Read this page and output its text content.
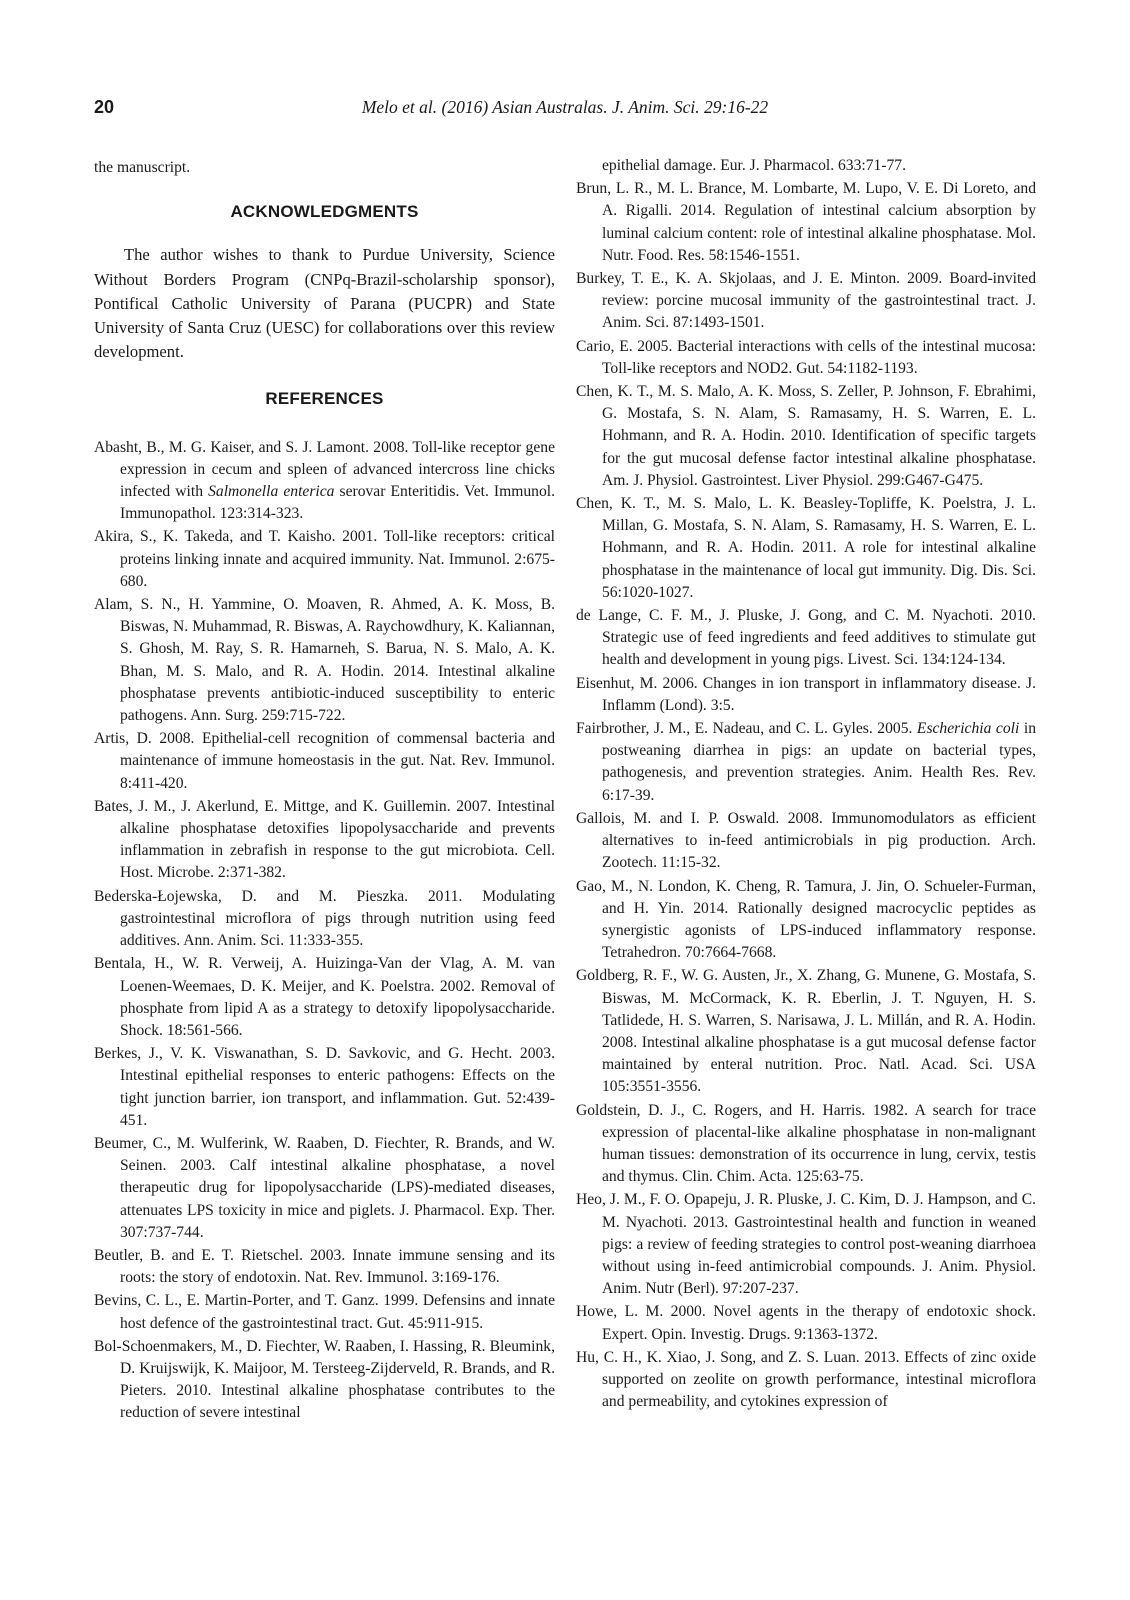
20	Melo et al. (2016) Asian Australas. J. Anim. Sci. 29:16-22

the manuscript.

ACKNOWLEDGMENTS

The author wishes to thank to Purdue University, Science Without Borders Program (CNPq-Brazil-scholarship sponsor), Pontifical Catholic University of Parana (PUCPR) and State University of Santa Cruz (UESC) for collaborations over this review development.

REFERENCES

Abasht, B., M. G. Kaiser, and S. J. Lamont. 2008. Toll-like receptor gene expression in cecum and spleen of advanced intercross line chicks infected with Salmonella enterica serovar Enteritidis. Vet. Immunol. Immunopathol. 123:314-323.

Akira, S., K. Takeda, and T. Kaisho. 2001. Toll-like receptors: critical proteins linking innate and acquired immunity. Nat. Immunol. 2:675-680.

Alam, S. N., H. Yammine, O. Moaven, R. Ahmed, A. K. Moss, B. Biswas, N. Muhammad, R. Biswas, A. Raychowdhury, K. Kaliannan, S. Ghosh, M. Ray, S. R. Hamarneh, S. Barua, N. S. Malo, A. K. Bhan, M. S. Malo, and R. A. Hodin. 2014. Intestinal alkaline phosphatase prevents antibiotic-induced susceptibility to enteric pathogens. Ann. Surg. 259:715-722.

Artis, D. 2008. Epithelial-cell recognition of commensal bacteria and maintenance of immune homeostasis in the gut. Nat. Rev. Immunol. 8:411-420.

Bates, J. M., J. Akerlund, E. Mittge, and K. Guillemin. 2007. Intestinal alkaline phosphatase detoxifies lipopolysaccharide and prevents inflammation in zebrafish in response to the gut microbiota. Cell. Host. Microbe. 2:371-382.

Bederska-Łojewska, D. and M. Pieszka. 2011. Modulating gastrointestinal microflora of pigs through nutrition using feed additives. Ann. Anim. Sci. 11:333-355.

Bentala, H., W. R. Verweij, A. Huizinga-Van der Vlag, A. M. van Loenen-Weemaes, D. K. Meijer, and K. Poelstra. 2002. Removal of phosphate from lipid A as a strategy to detoxify lipopolysaccharide. Shock. 18:561-566.

Berkes, J., V. K. Viswanathan, S. D. Savkovic, and G. Hecht. 2003. Intestinal epithelial responses to enteric pathogens: Effects on the tight junction barrier, ion transport, and inflammation. Gut. 52:439-451.

Beumer, C., M. Wulferink, W. Raaben, D. Fiechter, R. Brands, and W. Seinen. 2003. Calf intestinal alkaline phosphatase, a novel therapeutic drug for lipopolysaccharide (LPS)-mediated diseases, attenuates LPS toxicity in mice and piglets. J. Pharmacol. Exp. Ther. 307:737-744.

Beutler, B. and E. T. Rietschel. 2003. Innate immune sensing and its roots: the story of endotoxin. Nat. Rev. Immunol. 3:169-176.

Bevins, C. L., E. Martin-Porter, and T. Ganz. 1999. Defensins and innate host defence of the gastrointestinal tract. Gut. 45:911-915.

Bol-Schoenmakers, M., D. Fiechter, W. Raaben, I. Hassing, R. Bleumink, D. Kruijswijk, K. Maijoor, M. Tersteeg-Zijderveld, R. Brands, and R. Pieters. 2010. Intestinal alkaline phosphatase contributes to the reduction of severe intestinal

epithelial damage. Eur. J. Pharmacol. 633:71-77.

Brun, L. R., M. L. Brance, M. Lombarte, M. Lupo, V. E. Di Loreto, and A. Rigalli. 2014. Regulation of intestinal calcium absorption by luminal calcium content: role of intestinal alkaline phosphatase. Mol. Nutr. Food. Res. 58:1546-1551.

Burkey, T. E., K. A. Skjolaas, and J. E. Minton. 2009. Board-invited review: porcine mucosal immunity of the gastrointestinal tract. J. Anim. Sci. 87:1493-1501.

Cario, E. 2005. Bacterial interactions with cells of the intestinal mucosa: Toll-like receptors and NOD2. Gut. 54:1182-1193.

Chen, K. T., M. S. Malo, A. K. Moss, S. Zeller, P. Johnson, F. Ebrahimi, G. Mostafa, S. N. Alam, S. Ramasamy, H. S. Warren, E. L. Hohmann, and R. A. Hodin. 2010. Identification of specific targets for the gut mucosal defense factor intestinal alkaline phosphatase. Am. J. Physiol. Gastrointest. Liver Physiol. 299:G467-G475.

Chen, K. T., M. S. Malo, L. K. Beasley-Topliffe, K. Poelstra, J. L. Millan, G. Mostafa, S. N. Alam, S. Ramasamy, H. S. Warren, E. L. Hohmann, and R. A. Hodin. 2011. A role for intestinal alkaline phosphatase in the maintenance of local gut immunity. Dig. Dis. Sci. 56:1020-1027.

de Lange, C. F. M., J. Pluske, J. Gong, and C. M. Nyachoti. 2010. Strategic use of feed ingredients and feed additives to stimulate gut health and development in young pigs. Livest. Sci. 134:124-134.

Eisenhut, M. 2006. Changes in ion transport in inflammatory disease. J. Inflamm (Lond). 3:5.

Fairbrother, J. M., E. Nadeau, and C. L. Gyles. 2005. Escherichia coli in postweaning diarrhea in pigs: an update on bacterial types, pathogenesis, and prevention strategies. Anim. Health Res. Rev. 6:17-39.

Gallois, M. and I. P. Oswald. 2008. Immunomodulators as efficient alternatives to in-feed antimicrobials in pig production. Arch. Zootech. 11:15-32.

Gao, M., N. London, K. Cheng, R. Tamura, J. Jin, O. Schueler-Furman, and H. Yin. 2014. Rationally designed macrocyclic peptides as synergistic agonists of LPS-induced inflammatory response. Tetrahedron. 70:7664-7668.

Goldberg, R. F., W. G. Austen, Jr., X. Zhang, G. Munene, G. Mostafa, S. Biswas, M. McCormack, K. R. Eberlin, J. T. Nguyen, H. S. Tatlidede, H. S. Warren, S. Narisawa, J. L. Millán, and R. A. Hodin. 2008. Intestinal alkaline phosphatase is a gut mucosal defense factor maintained by enteral nutrition. Proc. Natl. Acad. Sci. USA 105:3551-3556.

Goldstein, D. J., C. Rogers, and H. Harris. 1982. A search for trace expression of placental-like alkaline phosphatase in non-malignant human tissues: demonstration of its occurrence in lung, cervix, testis and thymus. Clin. Chim. Acta. 125:63-75.

Heo, J. M., F. O. Opapeju, J. R. Pluske, J. C. Kim, D. J. Hampson, and C. M. Nyachoti. 2013. Gastrointestinal health and function in weaned pigs: a review of feeding strategies to control post-weaning diarrhoea without using in-feed antimicrobial compounds. J. Anim. Physiol. Anim. Nutr (Berl). 97:207-237.

Howe, L. M. 2000. Novel agents in the therapy of endotoxic shock. Expert. Opin. Investig. Drugs. 9:1363-1372.

Hu, C. H., K. Xiao, J. Song, and Z. S. Luan. 2013. Effects of zinc oxide supported on zeolite on growth performance, intestinal microflora and permeability, and cytokines expression of
